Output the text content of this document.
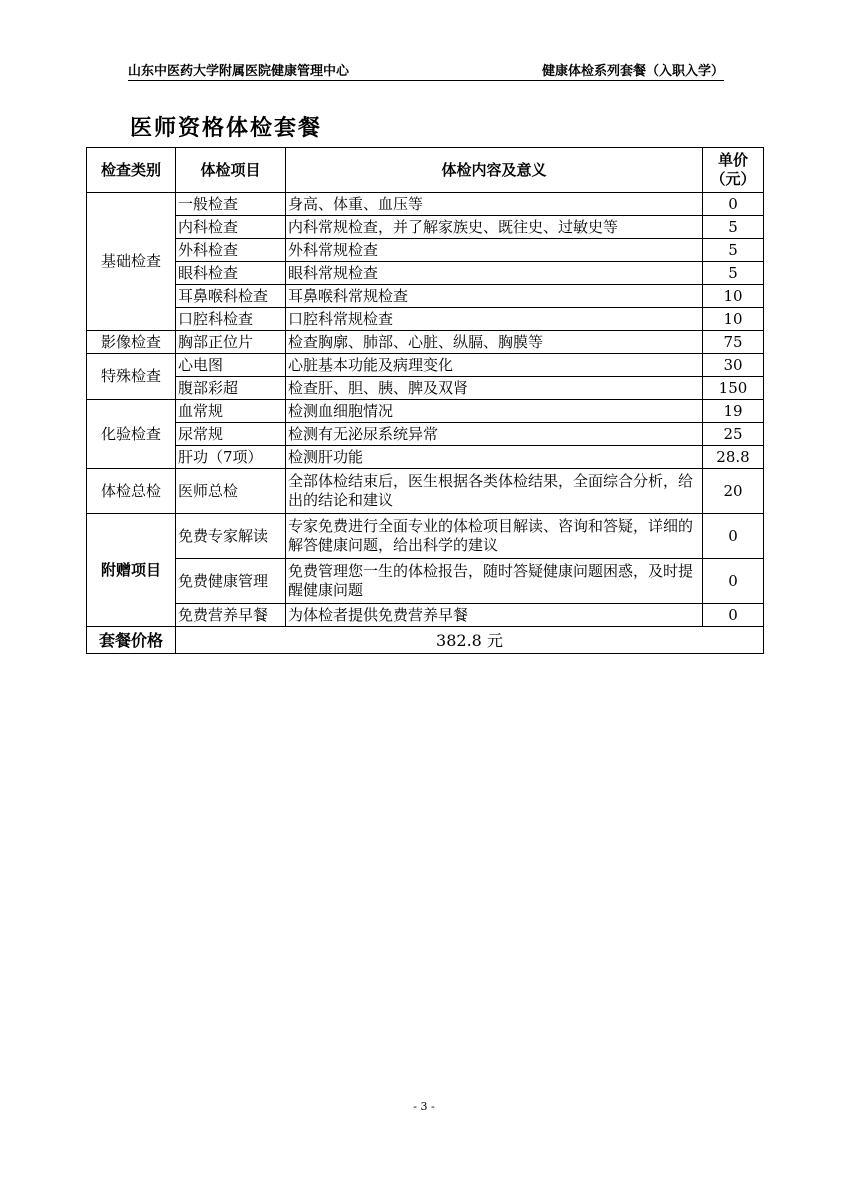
山东中医药大学附属医院健康管理中心	健康体检系列套餐（入职入学）
医师资格体检套餐
检查类别	体检项目	体检内容及意义	单价（元）
基础检查	一般检查	身高、体重、血压等	0
	内科检查	内科常规检查，并了解家族史、既往史、过敏史等	5
	外科检查	外科常规检查	5
	眼科检查	眼科常规检查	5
	耳鼻喉科检查	耳鼻喉科常规检查	10
	口腔科检查	口腔科常规检查	10
影像检查	胸部正位片	检查胸廓、肺部、心脏、纵膈、胸膜等	75
特殊检查	心电图	心脏基本功能及病理变化	30
	腹部彩超	检查肝、胆、胰、脾及双肾	150
化验检查	血常规	检测血细胞情况	19
	尿常规	检测有无泌尿系统异常	25
	肝功（7项）	检测肝功能	28.8
体检总检	医师总检	全部体检结束后，医生根据各类体检结果，全面综合分析，给出的结论和建议	20
附赠项目	免费专家解读	专家免费进行全面专业的体检项目解读、咨询和答疑，详细的解答健康问题，给出科学的建议	0
	免费健康管理	免费管理您一生的体检报告，随时答疑健康问题困惑，及时提醒健康问题	0
	免费营养早餐	为体检者提供免费营养早餐	0
套餐价格	382.8 元		
- 3 -
